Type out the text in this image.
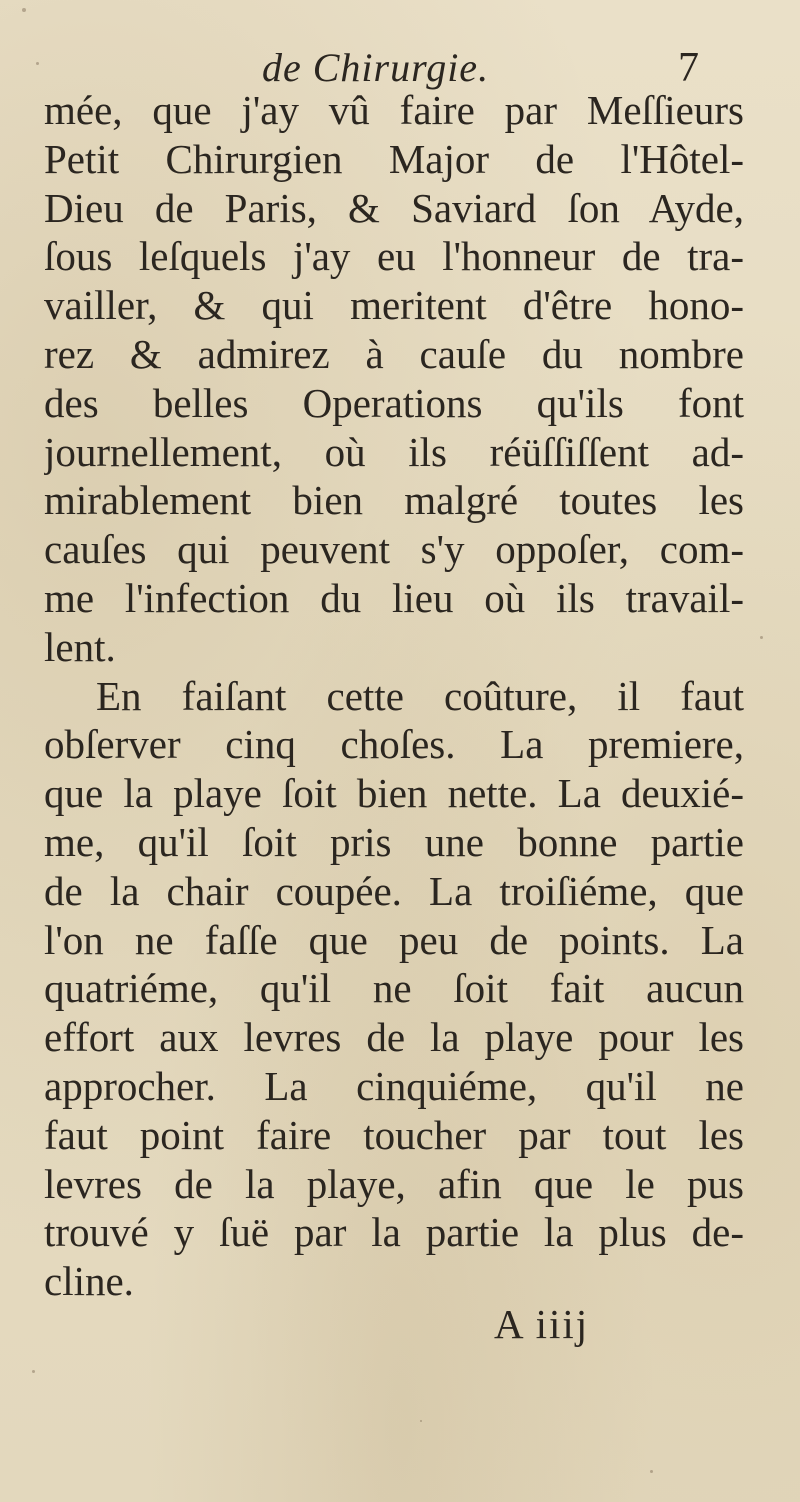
de Chirurgie.	7
mée, que j'ay vû faire par Meſſieurs
Petit Chirurgien Major de l'Hôtel-
Dieu de Paris, & Saviard ſon Ayde,
ſous leſquels j'ay eu l'honneur de tra-
vailler, & qui meritent d'être hono-
rez & admirez à cauſe du nombre
des belles Operations qu'ils font
journellement, où ils réüſſiſſent ad-
mirablement bien malgré toutes les
cauſes qui peuvent s'y oppoſer, com-
me l'infection du lieu où ils travail-
lent.
En faiſant cette coûture, il faut
obſerver cinq choſes. La premiere,
que la playe ſoit bien nette. La deuxié-
me, qu'il ſoit pris une bonne partie
de la chair coupée. La troiſiéme, que
l'on ne faſſe que peu de points. La
quatriéme, qu'il ne ſoit fait aucun
effort aux levres de la playe pour les
approcher. La cinquiéme, qu'il ne
faut point faire toucher par tout les
levres de la playe, afin que le pus
trouvé y ſuë par la partie la plus de-
cline.
A iiij
